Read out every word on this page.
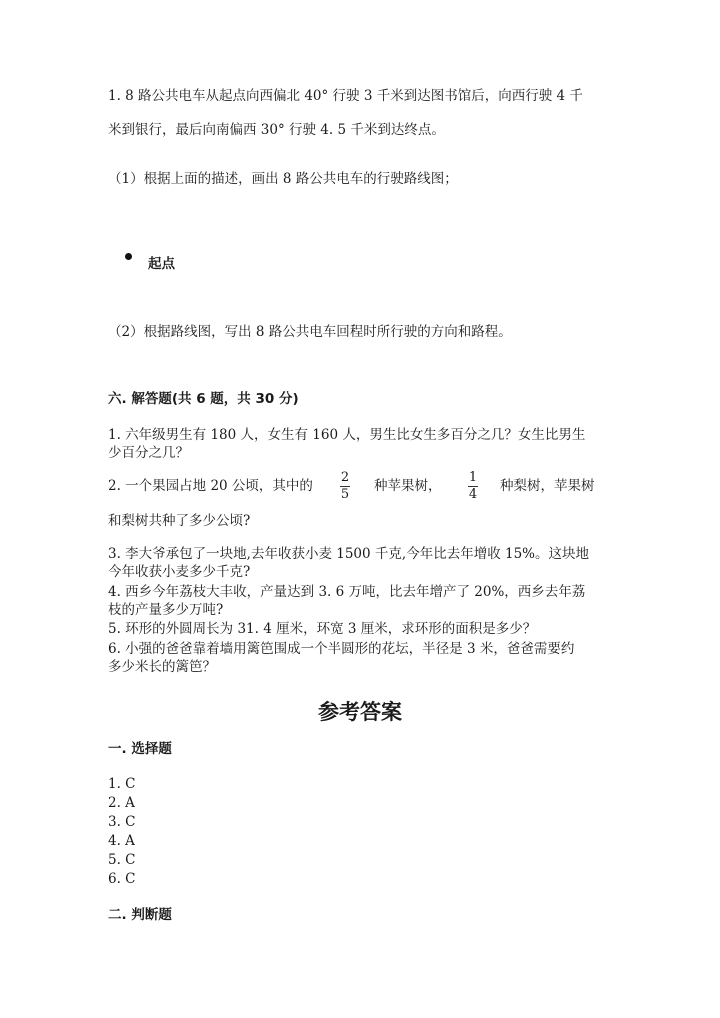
1. 8 路公共电车从起点向西偏北 40° 行驶 3 千米到达图书馆后，向西行驶 4 千
米到银行，最后向南偏西 30° 行驶 4. 5 千米到达终点。
（1）根据上面的描述，画出 8 路公共电车的行驶路线图；
起点
（2）根据路线图，写出 8 路公共电车回程时所行驶的方向和路程。
六. 解答题(共 6 题，共 30 分)
1. 六年级男生有 180 人，女生有 160 人，男生比女生多百分之几？女生比男生
少百分之几？
2. 一个果园占地 20 公顷，其中的
2
5
种苹果树，
1
4
种梨树，苹果树
和梨树共种了多少公顷?
3. 李大爷承包了一块地,去年收获小麦 1500 千克,今年比去年增收 15%。这块地
今年收获小麦多少千克?
4. 西乡今年荔枝大丰收，产量达到 3. 6 万吨，比去年增产了 20%，西乡去年荔
枝的产量多少万吨?
5. 环形的外圆周长为 31. 4 厘米，环宽 3 厘米，求环形的面积是多少？
6. 小强的爸爸靠着墙用篱笆围成一个半圆形的花坛，半径是 3 米，爸爸需要约
多少米长的篱笆？
参考答案
一. 选择题
1. C
2. A
3. C
4. A
5. C
6. C
二. 判断题
